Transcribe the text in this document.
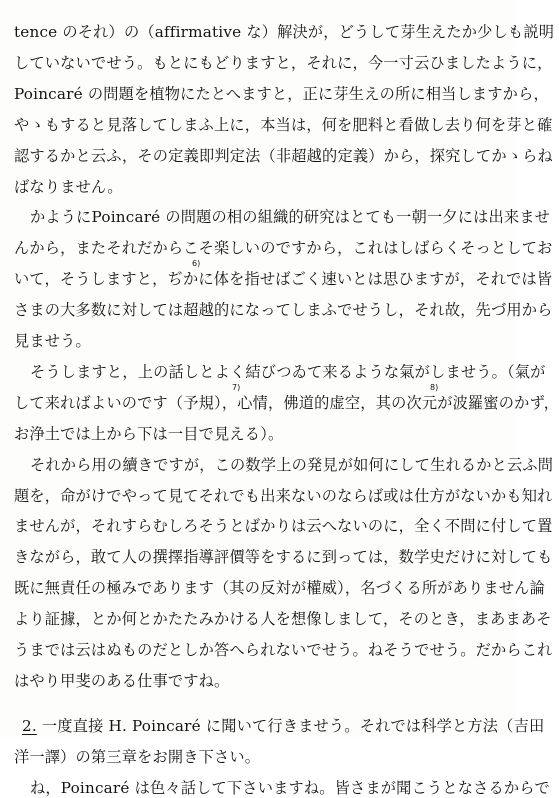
tence のそれ）の（affirmative な）解決が，どうして芽生えたか少しも説明
していないでせう。もとにもどりますと，それに，今一寸云ひましたように，
Poincaré の問題を植物にたとへますと，正に芽生えの所に相当しますから，
やゝもすると見落してしまふ上に，本当は，何を肥料と看做し去り何を芽と確
認するかと云ふ，その定義即判定法（非超越的定義）から，探究してかゝらね
ばなりません。
かようにPoincaré の問題の相の組織的研究はとても一朝一夕には出来ませ
んから，またそれだからこそ楽しいのですから，これはしばらくそっとしてお
いて，そうしますと，ぢかに体を指せばごく速いとは思ひますが，それでは皆
6)
さまの大多数に対しては超越的になってしまふでせうし，それ故，先づ用から
見ませう。
そうしますと，上の話しとよく結びつゐて来るような氣がしませう。（氣が
して来ればよいのです（予規），心情，佛道的虚空，其の次元が波羅蜜のかず，
7)	8)
お浄土では上から下は一目で見える）。
それから用の續きですが，この数学上の発見が如何にして生れるかと云ふ問
題を，命がけでやって見てそれでも出来ないのならば或は仕方がないかも知れ
ませんが，それすらむしろそうとばかりは云へないのに，全く不問に付して置
きながら，敢て人の撰擇指導評價等をするに到っては，数学史だけに対しても
既に無責任の極みであります（其の反対が權威），名づくる所がありません論
より証據，とか何とかたたみかける人を想像しまして，そのとき，まあまあそ
うまでは云はぬものだとしか答へられないでせう。ねそうでせう。だからこれ
はやり甲斐のある仕事ですね。
2. 一度直接 H. Poincaré に聞いて行きませう。それでは科学と方法（吉田
洋一譯）の第三章をお開き下さい。
ね，Poincaré は色々話して下さいますね。皆さまが聞こうとなさるからで
